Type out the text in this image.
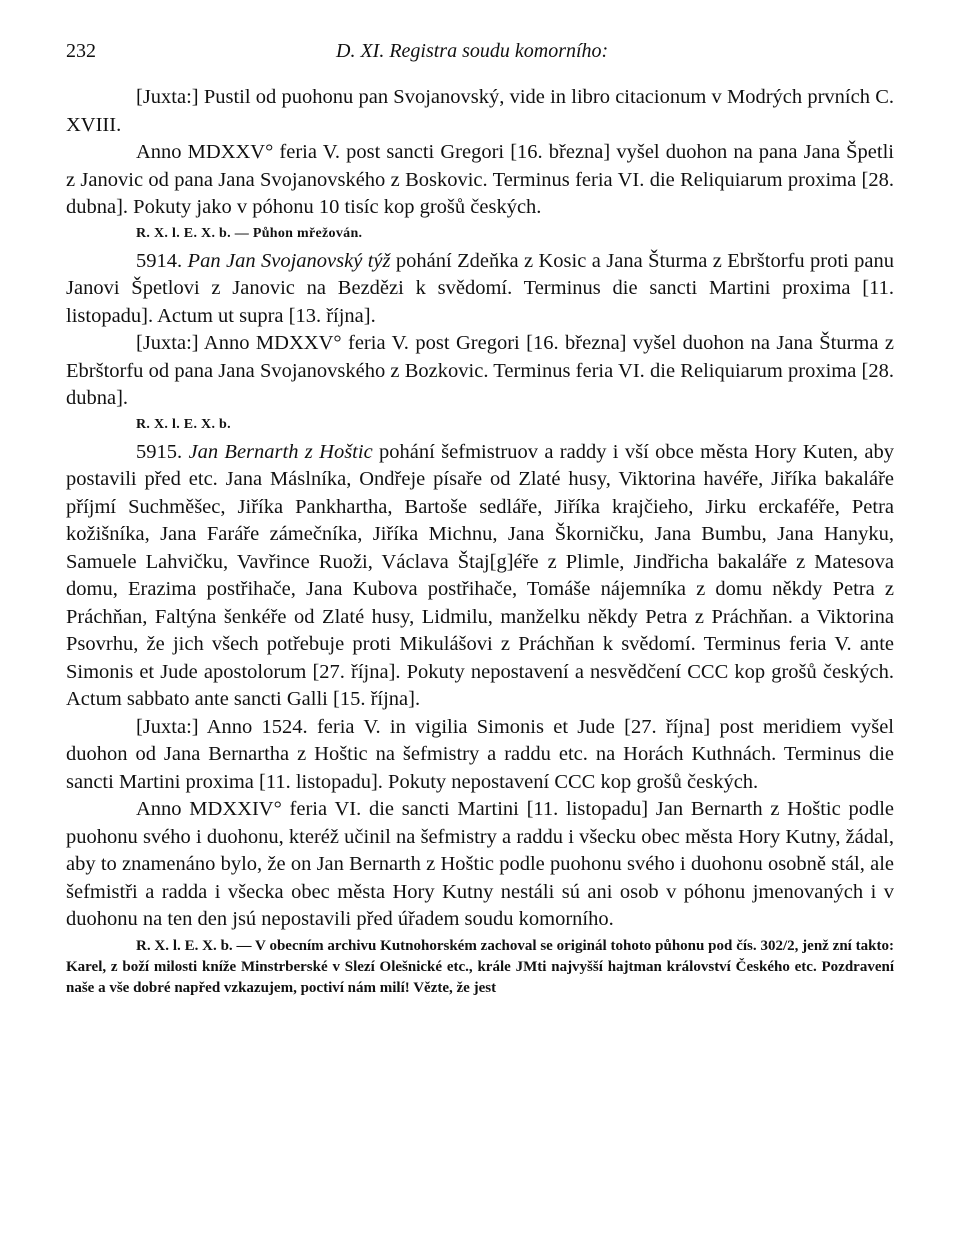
232	D. XI. Registra soudu komorního:

[Juxta:] Pustil od puohonu pan Svojanovský, vide in libro citacionum v Modrých prvních C. XVIII.

Anno MDXXV° feria V. post sancti Gregori [16. března] vyšel duohon na pana Jana Špetli z Janovic od pana Jana Svojanovského z Boskovic. Terminus feria VI. die Reliquiarum proxima [28. dubna]. Pokuty jako v póhonu 10 tisíc kop grošů českých.

R. X. l. E. X. b. — Půhon mřežován.

5914. Pan Jan Svojanovský týž pohání Zdeňka z Kosic a Jana Šturma z Ebrštorfu proti panu Janovi Špetlovi z Janovic na Bezdězi k svědomí. Terminus die sancti Martini proxima [11. listopadu]. Actum ut supra [13. října].

[Juxta:] Anno MDXXV° feria V. post Gregori [16. března] vyšel duohon na Jana Šturma z Ebrštorfu od pana Jana Svojanovského z Bozkovic. Terminus feria VI. die Reliquiarum proxima [28. dubna].

R. X. l. E. X. b.

5915. Jan Bernarth z Hoštic pohání šefmistruov a raddy i vší obce města Hory Kuten, aby postavili před etc. Jana Máslníka, Ondřeje písaře od Zlaté husy, Viktorina havéře, Jiříka bakaláře příjmí Suchměšec, Jiříka Pankhartha, Bartoše sedláře, Jiříka krajčieho, Jirku erckaféře, Petra kožišníka, Jana Faráře zámečníka, Jiříka Michnu, Jana Škorničku, Jana Bumbu, Jana Hanyku, Samuele Lahvičku, Vavřince Ruoži, Václava Štaj[g]éře z Plimle, Jindřicha bakaláře z Matesova domu, Erazima postřihače, Jana Kubova postřihače, Tomáše nájemníka z domu někdy Petra z Práchňan, Faltýna šenkéře od Zlaté husy, Lidmilu, manželku někdy Petra z Práchňan. a Viktorina Psovrhu, že jich všech potřebuje proti Mikulášovi z Práchňan k svědomí. Terminus feria V. ante Simonis et Jude apostolorum [27. října]. Pokuty nepostavení a nesvědčení CCC kop grošů českých. Actum sabbato ante sancti Galli [15. října].

[Juxta:] Anno 1524. feria V. in vigilia Simonis et Jude [27. října] post meridiem vyšel duohon od Jana Bernartha z Hoštic na šefmistry a raddu etc. na Horách Kuthnách. Terminus die sancti Martini proxima [11. listopadu]. Pokuty nepostavení CCC kop grošů českých.

Anno MDXXIV° feria VI. die sancti Martini [11. listopadu] Jan Bernarth z Hoštic podle puohonu svého i duohonu, kteréž učinil na šefmistry a raddu i všecku obec města Hory Kutny, žádal, aby to znamenáno bylo, že on Jan Bernarth z Hoštic podle puohonu svého i duohonu osobně stál, ale šefmistři a radda i všecka obec města Hory Kutny nestáli sú ani osob v póhonu jmenovaných i v duohonu na ten den jsú nepostavili před úřadem soudu komorního.

R. X. l. E. X. b. — V obecním archivu Kutnohorském zachoval se originál tohoto půhonu pod čís. 302/2, jenž zní takto: Karel, z boží milosti kníže Minstrberské v Slezí Olešnické etc., krále JMti najvyšší hajtman království Českého etc. Pozdravení naše a vše dobré napřed vzkazujem, poctiví nám milí! Vězte, že jest
